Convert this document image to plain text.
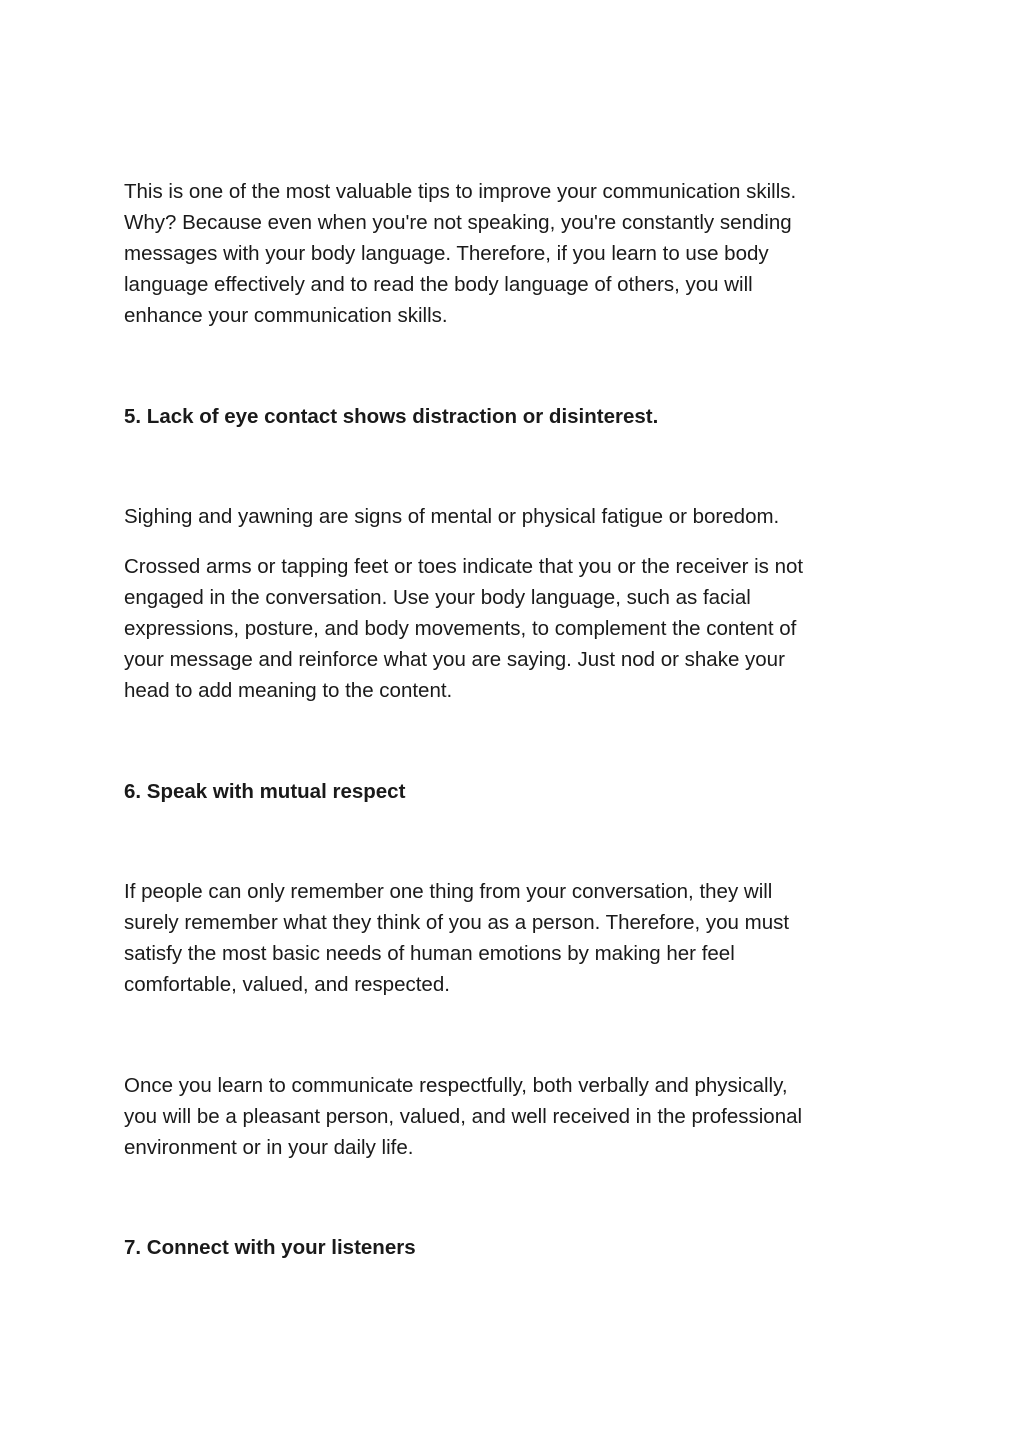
This is one of the most valuable tips to improve your communication skills.
Why? Because even when you're not speaking, you're constantly sending
messages with your body language. Therefore, if you learn to use body
language effectively and to read the body language of others, you will
enhance your communication skills.

5. Lack of eye contact shows distraction or disinterest.

Sighing and yawning are signs of mental or physical fatigue or boredom.

Crossed arms or tapping feet or toes indicate that you or the receiver is not
engaged in the conversation. Use your body language, such as facial
expressions, posture, and body movements, to complement the content of
your message and reinforce what you are saying. Just nod or shake your
head to add meaning to the content.

6. Speak with mutual respect

If people can only remember one thing from your conversation, they will
surely remember what they think of you as a person. Therefore, you must
satisfy the most basic needs of human emotions by making her feel
comfortable, valued, and respected.

Once you learn to communicate respectfully, both verbally and physically,
you will be a pleasant person, valued, and well received in the professional
environment or in your daily life.

7. Connect with your listeners
